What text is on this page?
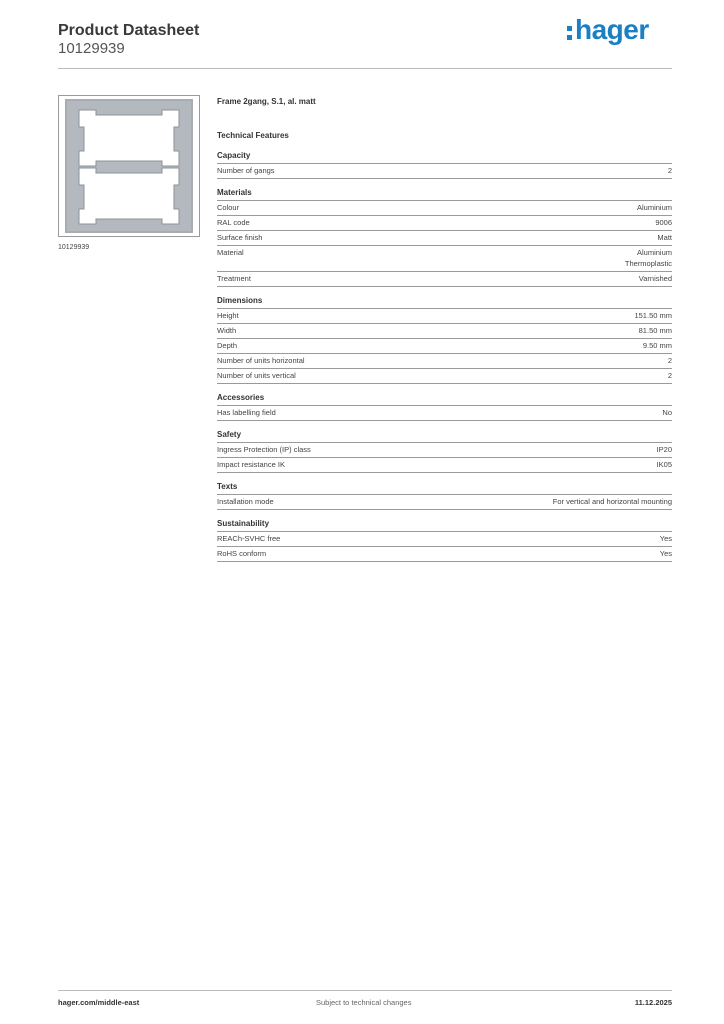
Product Datasheet
10129939
hager
10129939
Frame 2gang, S.1, al. matt
Technical Features
Capacity
Number of gangs	2
Materials
Colour	Aluminium
RAL code	9006
Surface finish	Matt
Material	Aluminium
Thermoplastic
Treatment	Varnished
Dimensions
Height	151.50 mm
Width	81.50 mm
Depth	9.50 mm
Number of units horizontal	2
Number of units vertical	2
Accessories
Has labelling field	No
Safety
Ingress Protection (IP) class	IP20
Impact resistance IK	IK05
Texts
Installation mode	For vertical and horizontal mounting
Sustainability
REACh-SVHC free	Yes
RoHS conform	Yes
hager.com/middle-east	Subject to technical changes	11.12.2025
